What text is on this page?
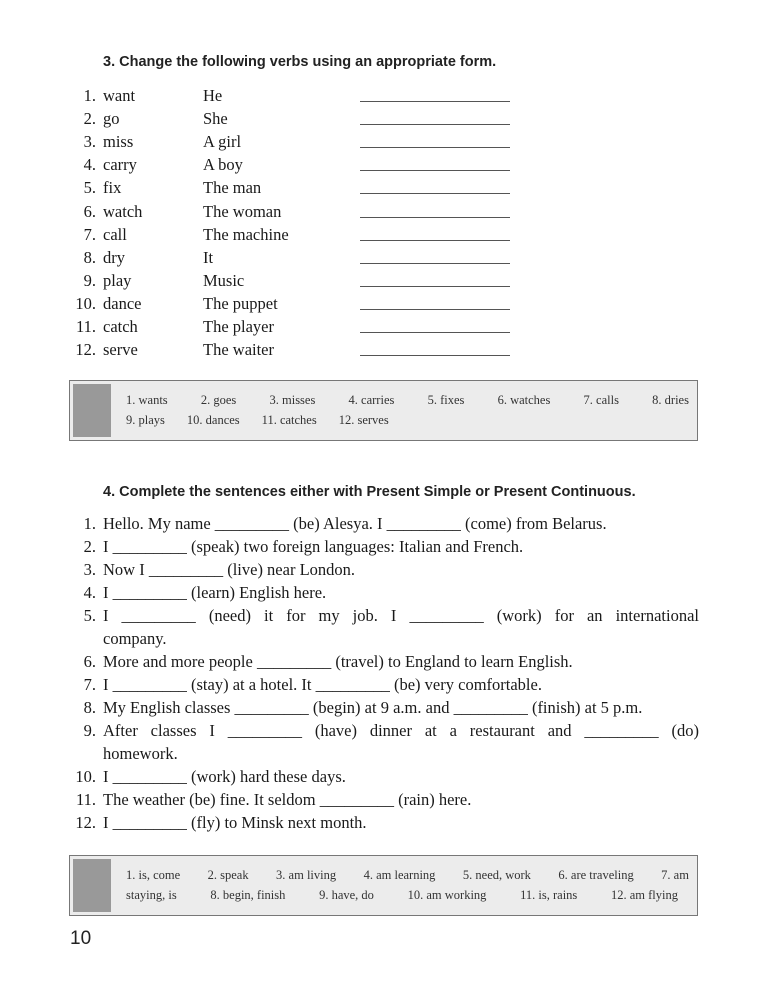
3. Change the following verbs using an appropriate form.
1. want	He
2. go	She
3. miss	A girl
4. carry	A boy
5. fix	The man
6. watch	The woman
7. call	The machine
8. dry	It
9. play	Music
10. dance	The puppet
11. catch	The player
12. serve	The waiter
1. wants	2. goes	3. misses	4. carries	5. fixes	6. watches	7. calls	8. dries
9. plays 10. dances 11. catches 12. serves
4. Complete the sentences either with Present Simple or Present Continuous.
1. Hello. My name _________ (be) Alesya. I _________ (come) from Belarus.
2. I _________ (speak) two foreign languages: Italian and French.
3. Now I _________ (live) near London.
4. I _________ (learn) English here.
5. I _________ (need) it for my job. I _________ (work) for an international
company.
6. More and more people _________ (travel) to England to learn English.
7. I _________ (stay) at a hotel. It _________ (be) very comfortable.
8. My English classes _________ (begin) at 9 a.m. and _________ (finish) at 5 p.m.
9. After classes I _________ (have) dinner at a restaurant and _________ (do)
homework.
10. I _________ (work) hard these days.
11. The weather (be) fine. It seldom _________ (rain) here.
12. I _________ (fly) to Minsk next month.
1. is, come 2. speak 3. am living 4. am learning 5. need, work 6. are traveling 7. am
staying, is	8. begin, finish	9. have, do	10. am working	11. is, rains	12. am flying
10
